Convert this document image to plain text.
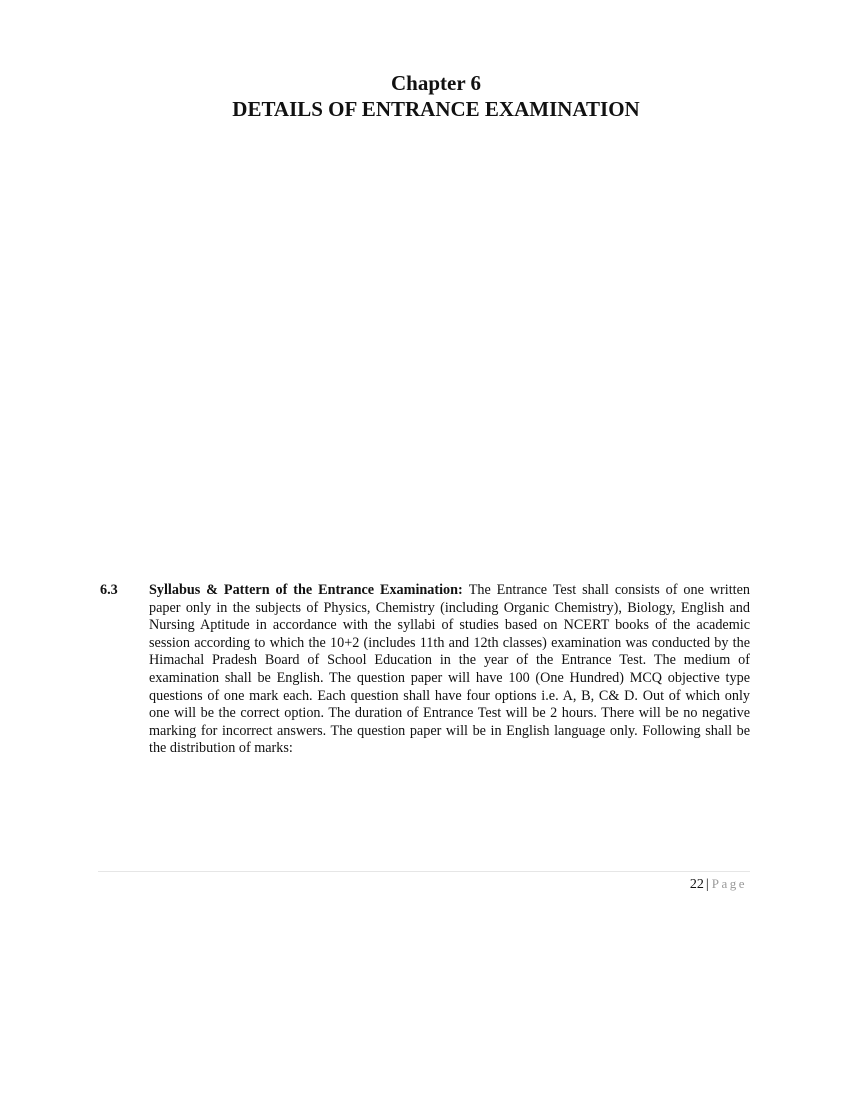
Chapter 6
DETAILS OF ENTRANCE EXAMINATION
6.3 Syllabus & Pattern of the Entrance Examination: The Entrance Test shall consists of one written paper only in the subjects of Physics, Chemistry (including Organic Chemistry), Biology, English and Nursing Aptitude in accordance with the syllabi of studies based on NCERT books of the academic session according to which the 10+2 (includes 11th and 12th classes) examination was conducted by the Himachal Pradesh Board of School Education in the year of the Entrance Test. The medium of examination shall be English. The question paper will have 100 (One Hundred) MCQ objective type questions of one mark each. Each question shall have four options i.e. A, B, C& D. Out of which only one will be the correct option. The duration of Entrance Test will be 2 hours. There will be no negative marking for incorrect answers. The question paper will be in English language only. Following shall be the distribution of marks:
22 | Page
